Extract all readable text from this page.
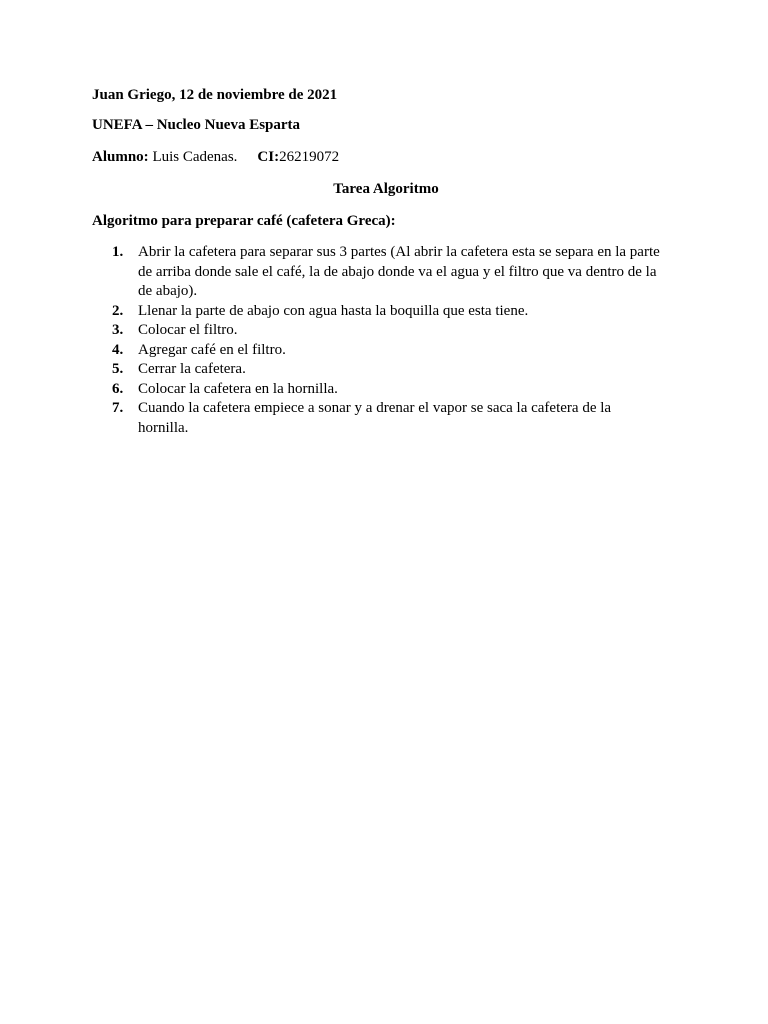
Juan Griego, 12 de noviembre de 2021
UNEFA – Nucleo Nueva Esparta
Alumno: Luis Cadenas. CI:26219072
Tarea Algoritmo
Algoritmo para preparar café (cafetera Greca):
1. Abrir la cafetera para separar sus 3 partes (Al abrir la cafetera esta se separa en la parte
de arriba donde sale el café, la de abajo donde va el agua y el filtro que va dentro de la
de abajo).
2. Llenar la parte de abajo con agua hasta la boquilla que esta tiene.
3. Colocar el filtro.
4. Agregar café en el filtro.
5. Cerrar la cafetera.
6. Colocar la cafetera en la hornilla.
7. Cuando la cafetera empiece a sonar y a drenar el vapor se saca la cafetera de la
hornilla.
